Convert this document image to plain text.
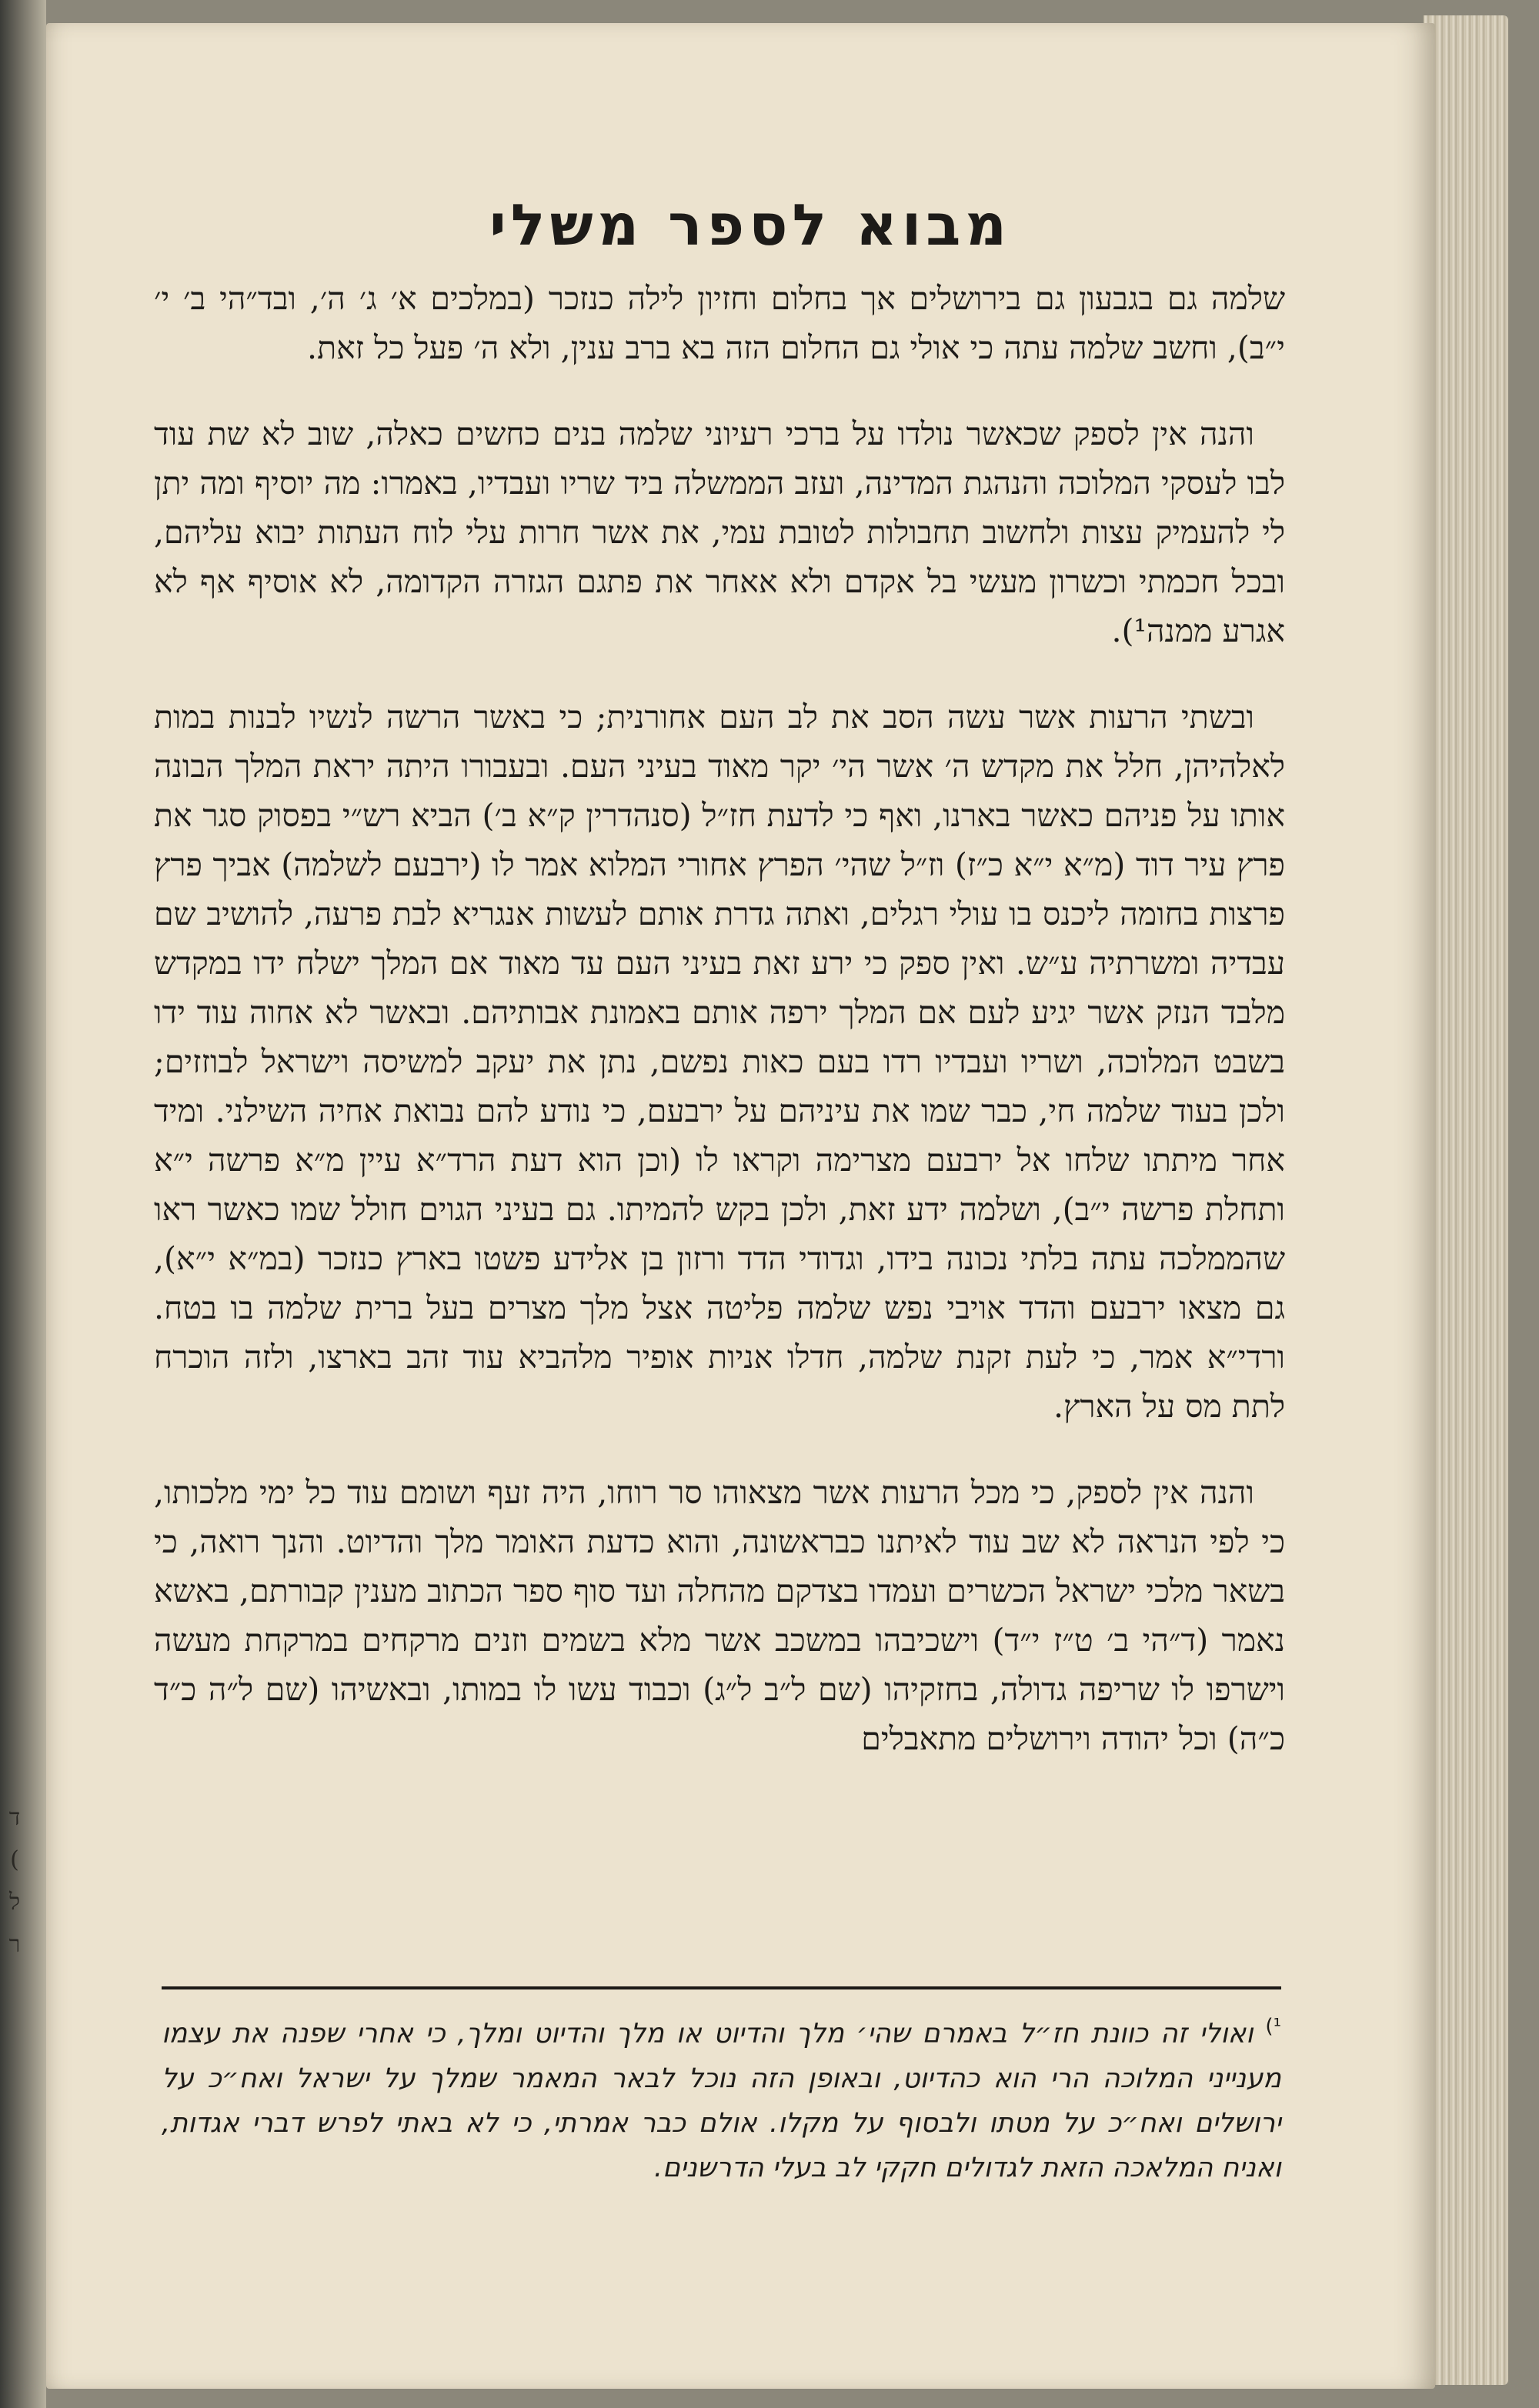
ד
(
ל
ר
מבוא לספר משלי

שלמה גם בגבעון גם בירושלים אך בחלום וחזיון לילה כנזכר (במלכים א׳ ג׳ ה׳, ובד״הי ב׳ י׳ י״ב), וחשב שלמה עתה כי אולי גם החלום הזה בא ברב ענין, ולא ה׳ פעל כל זאת.

והנה אין לספק שכאשר נולדו על ברכי רעיוני שלמה בנים כחשים כאלה, שוב לא שת עוד לבו לעסקי המלוכה והנהגת המדינה, ועזב הממשלה ביד שריו ועבדיו, באמרו: מה יוסיף ומה יתן לי להעמיק עצות ולחשוב תחבולות לטובת עמי, את אשר חרות עלי לוח העתות יבוא עליהם, ובכל חכמתי וכשרון מעשי בל אקדם ולא אאחר את פתגם הגזרה הקדומה, לא אוסיף אף לא אגרע ממנה¹).

ובשתי הרעות אשר עשה הסב את לב העם אחורנית; כי באשר הרשה לנשיו לבנות במות לאלהיהן, חלל את מקדש ה׳ אשר הי׳ יקר מאוד בעיני העם. ובעבורו היתה יראת המלך הבונה אותו על פניהם כאשר בארנו, ואף כי לדעת חז״ל (סנהדרין ק״א ב׳) הביא רש״י בפסוק סגר את פרץ עיר דוד (מ״א י״א כ״ז) וז״ל שהי׳ הפרץ אחורי המלוא אמר לו (ירבעם לשלמה) אביך פרץ פרצות בחומה ליכנס בו עולי רגלים, ואתה גדרת אותם לעשות אנגריא לבת פרעה, להושיב שם עבדיה ומשרתיה ע״ש. ואין ספק כי ירע זאת בעיני העם עד מאוד אם המלך ישלח ידו במקדש מלבד הנזק אשר יגיע לעם אם המלך ירפה אותם באמונת אבותיהם. ובאשר לא אחוה עוד ידו בשבט המלוכה, ושריו ועבדיו רדו בעם כאות נפשם, נתן את יעקב למשיסה וישראל לבוזזים; ולכן בעוד שלמה חי, כבר שמו את עיניהם על ירבעם, כי נודע להם נבואת אחיה השילני. ומיד אחר מיתתו שלחו אל ירבעם מצרימה וקראו לו (וכן הוא דעת הרד״א עיין מ״א פרשה י״א ותחלת פרשה י״ב), ושלמה ידע זאת, ולכן בקש להמיתו. גם בעיני הגוים חולל שמו כאשר ראו שהממלכה עתה בלתי נכונה בידו, וגדודי הדד ורזון בן אלידע פשטו בארץ כנזכר (במ״א י״א), גם מצאו ירבעם והדד אויבי נפש שלמה פליטה אצל מלך מצרים בעל ברית שלמה בו בטח. ורדי״א אמר, כי לעת זקנת שלמה, חדלו אניות אופיר מלהביא עוד זהב בארצו, ולזה הוכרח לתת מס על הארץ.

והנה אין לספק, כי מכל הרעות אשר מצאוהו סר רוחו, היה זעף ושומם עוד כל ימי מלכותו, כי לפי הנראה לא שב עוד לאיתנו כבראשונה, והוא כדעת האומר מלך והדיוט. והנך רואה, כי בשאר מלכי ישראל הכשרים ועמדו בצדקם מהחלה ועד סוף ספר הכתוב מענין קבורתם, באשא נאמר (ד״הי ב׳ ט״ז י״ד) וישכיבהו במשכב אשר מלא בשמים וזנים מרקחים במרקחת מעשה וישרפו לו שריפה גדולה, בחזקיהו (שם ל״ב ל״ג) וכבוד עשו לו במותו, ובאשיהו (שם ל״ה כ״ד כ״ה) וכל יהודה וירושלים מתאבלים

$^{^1)}$ ואולי זה כוונת חז״ל באמרם שהי׳ מלך והדיוט או מלך והדיוט ומלך, כי אחרי שפנה את עצמו מענייני המלוכה הרי הוא כהדיוט, ובאופן הזה נוכל לבאר המאמר שמלך על ישראל ואח״כ על ירושלים ואח״כ על מטתו ולבסוף על מקלו. אולם כבר אמרתי, כי לא באתי לפרש דברי אגדות, ואניח המלאכה הזאת לגדולים חקקי לב בעלי הדרשנים.
